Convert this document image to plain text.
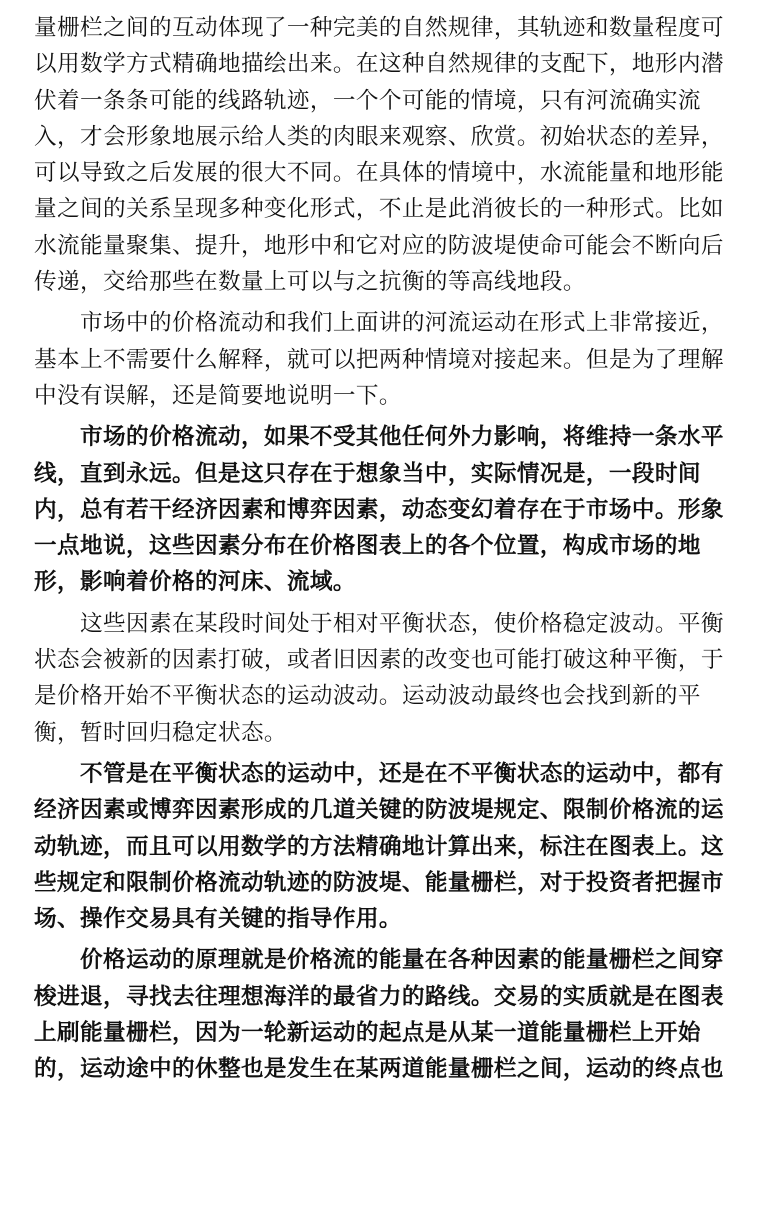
量栅栏之间的互动体现了一种完美的自然规律，其轨迹和数量程度可
以用数学方式精确地描绘出来。在这种自然规律的支配下，地形内潜
伏着一条条可能的线路轨迹，一个个可能的情境，只有河流确实流
入，才会形象地展示给人类的肉眼来观察、欣赏。初始状态的差异，
可以导致之后发展的很大不同。在具体的情境中，水流能量和地形能
量之间的关系呈现多种变化形式，不止是此消彼长的一种形式。比如
水流能量聚集、提升，地形中和它对应的防波堤使命可能会不断向后
传递，交给那些在数量上可以与之抗衡的等高线地段。
市场中的价格流动和我们上面讲的河流运动在形式上非常接近，
基本上不需要什么解释，就可以把两种情境对接起来。但是为了理解
中没有误解，还是简要地说明一下。
市场的价格流动，如果不受其他任何外力影响，将维持一条水平
线，直到永远。但是这只存在于想象当中，实际情况是，一段时间
内，总有若干经济因素和博弈因素，动态变幻着存在于市场中。形象
一点地说，这些因素分布在价格图表上的各个位置，构成市场的地
形，影响着价格的河床、流域。
这些因素在某段时间处于相对平衡状态，使价格稳定波动。平衡
状态会被新的因素打破，或者旧因素的改变也可能打破这种平衡，于
是价格开始不平衡状态的运动波动。运动波动最终也会找到新的平
衡，暂时回归稳定状态。
不管是在平衡状态的运动中，还是在不平衡状态的运动中，都有
经济因素或博弈因素形成的几道关键的防波堤规定、限制价格流的运
动轨迹，而且可以用数学的方法精确地计算出来，标注在图表上。这
些规定和限制价格流动轨迹的防波堤、能量栅栏，对于投资者把握市
场、操作交易具有关键的指导作用。
价格运动的原理就是价格流的能量在各种因素的能量栅栏之间穿
梭进退，寻找去往理想海洋的最省力的路线。交易的实质就是在图表
上刷能量栅栏，因为一轮新运动的起点是从某一道能量栅栏上开始
的，运动途中的休整也是发生在某两道能量栅栏之间，运动的终点也
